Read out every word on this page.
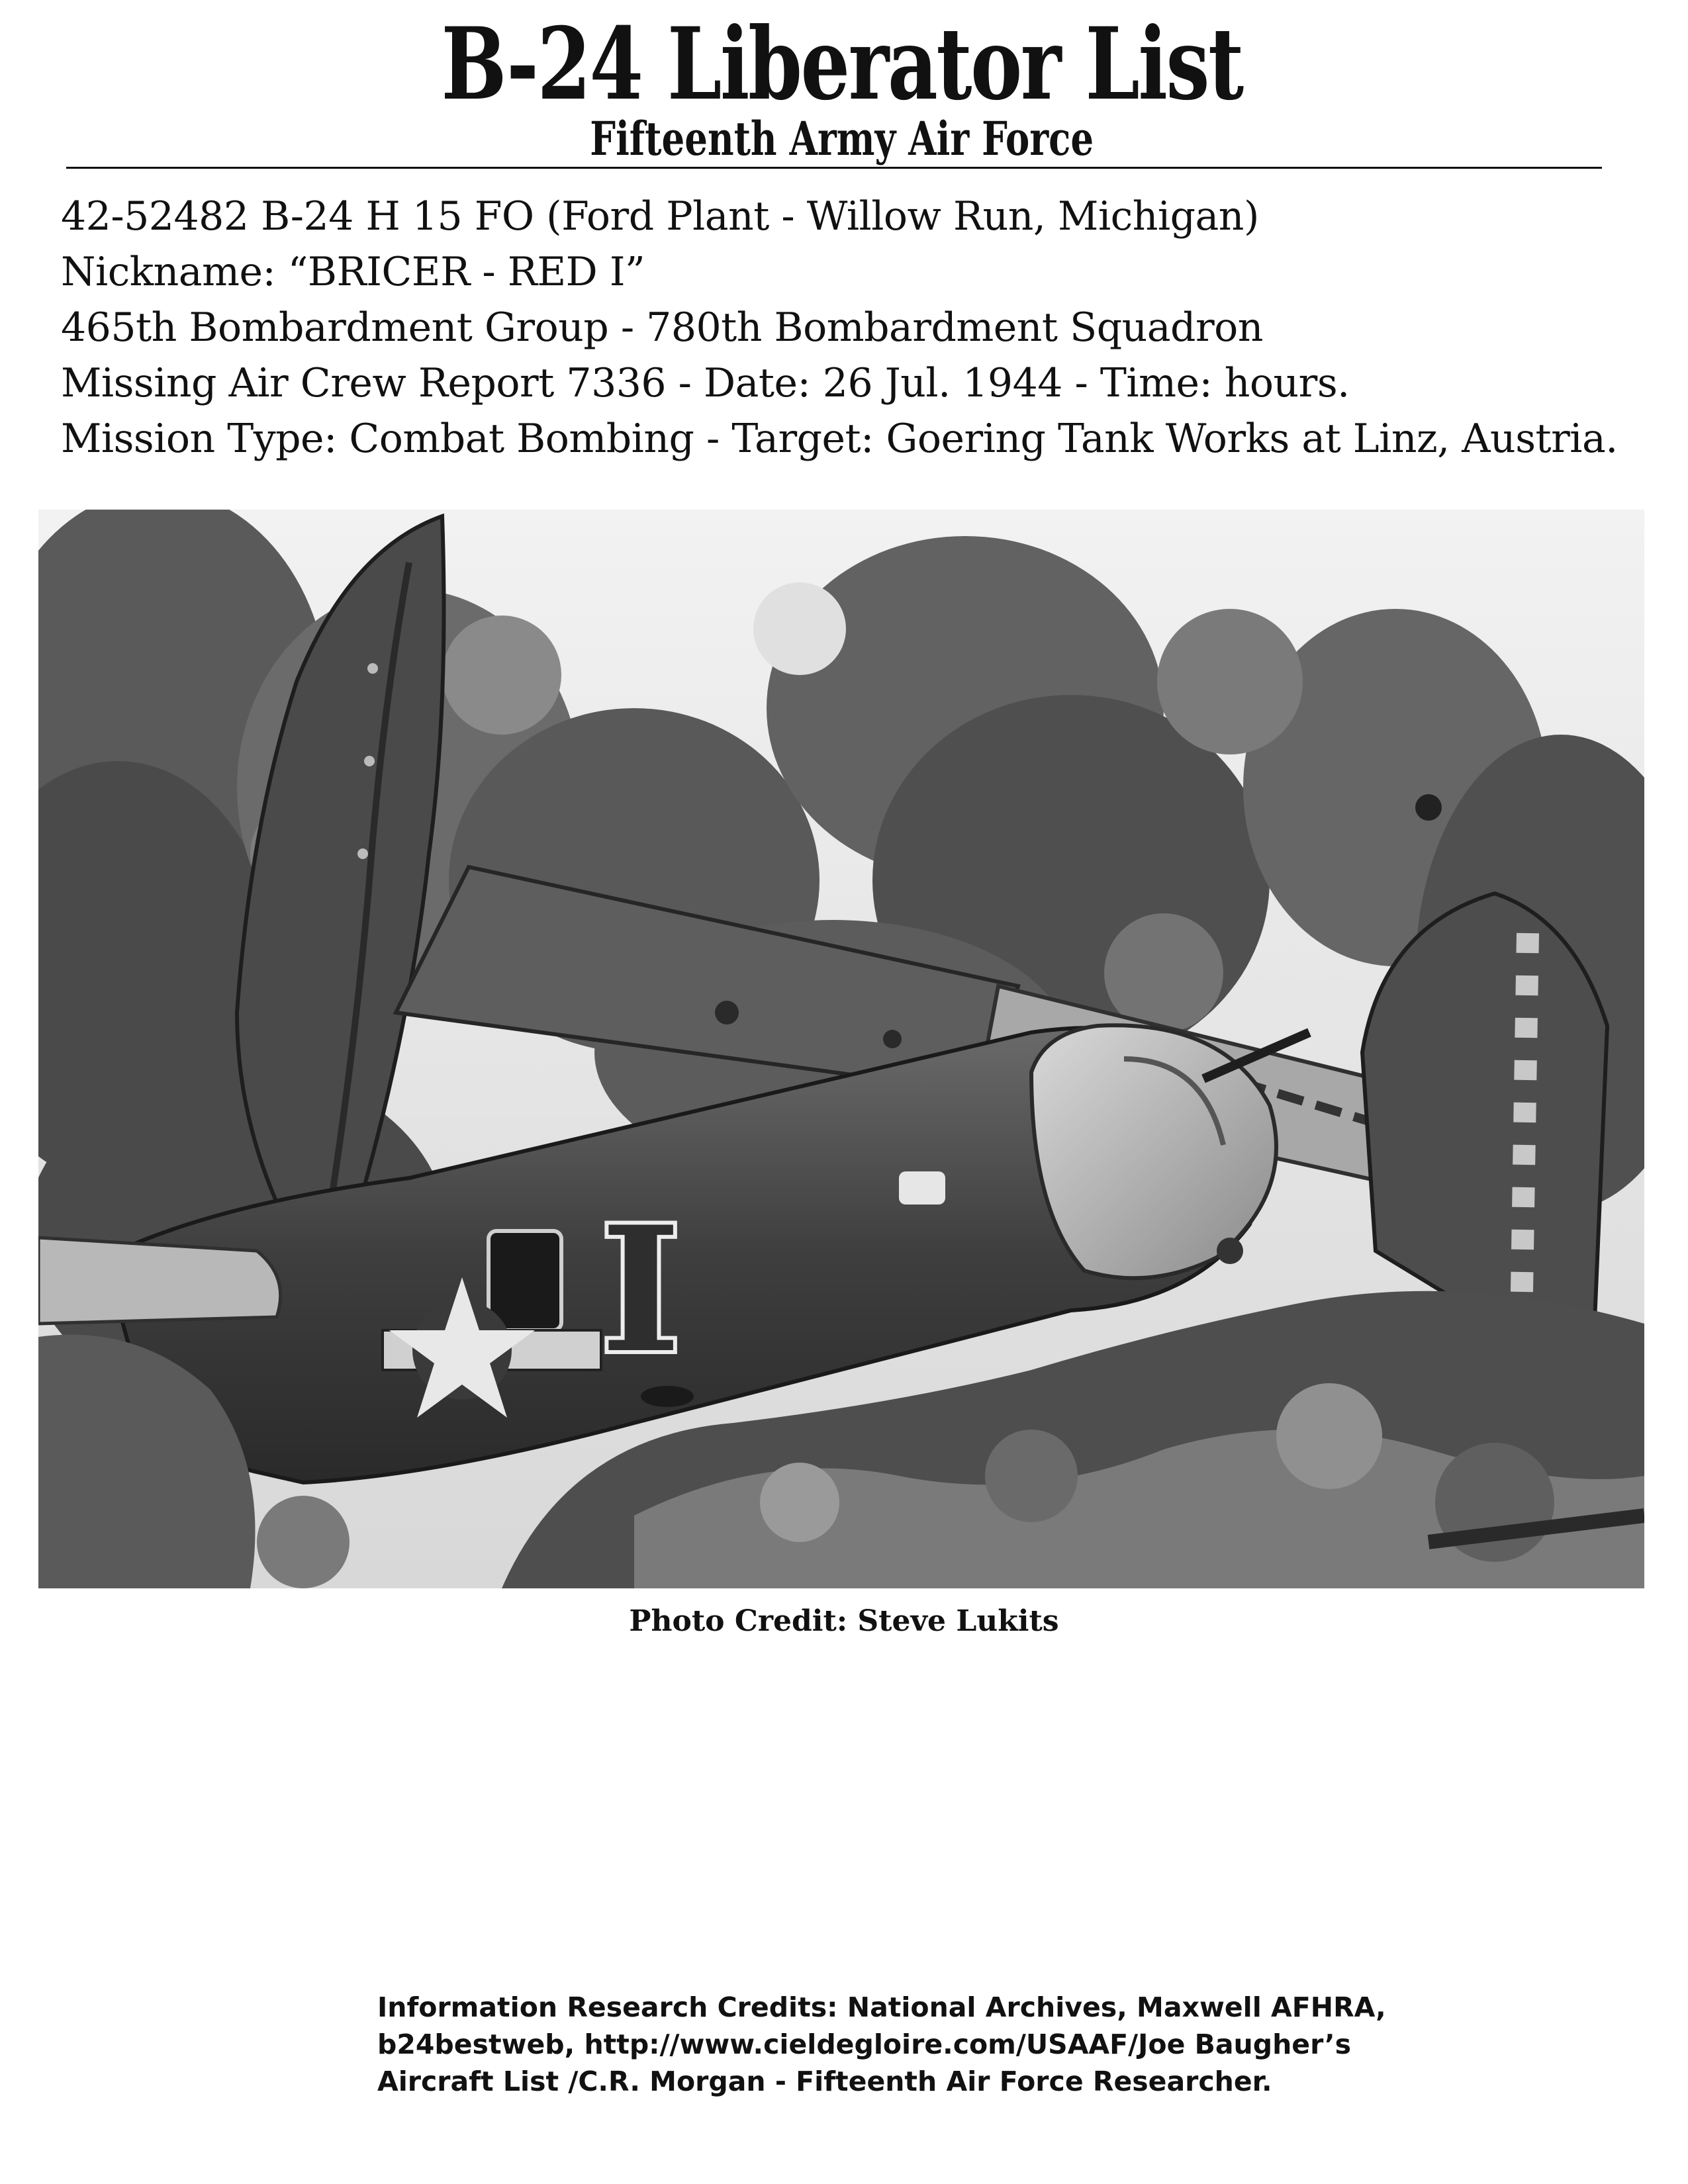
B-24 Liberator List
Fifteenth Army Air Force
42-52482 B-24 H 15 FO (Ford Plant - Willow Run, Michigan)
Nickname: “BRICER - RED I”
465th Bombardment Group - 780th Bombardment Squadron
Missing Air Crew Report 7336 - Date: 26 Jul. 1944 - Time: hours.
Mission Type: Combat Bombing - Target: Goering Tank Works at Linz, Austria.
I
Photo Credit: Steve Lukits
Information Research Credits: National Archives, Maxwell AFHRA,
b24bestweb, http://www.cieldegloire.com/USAAF/Joe Baugher’s
Aircraft List /C.R. Morgan - Fifteenth Air Force Researcher.
